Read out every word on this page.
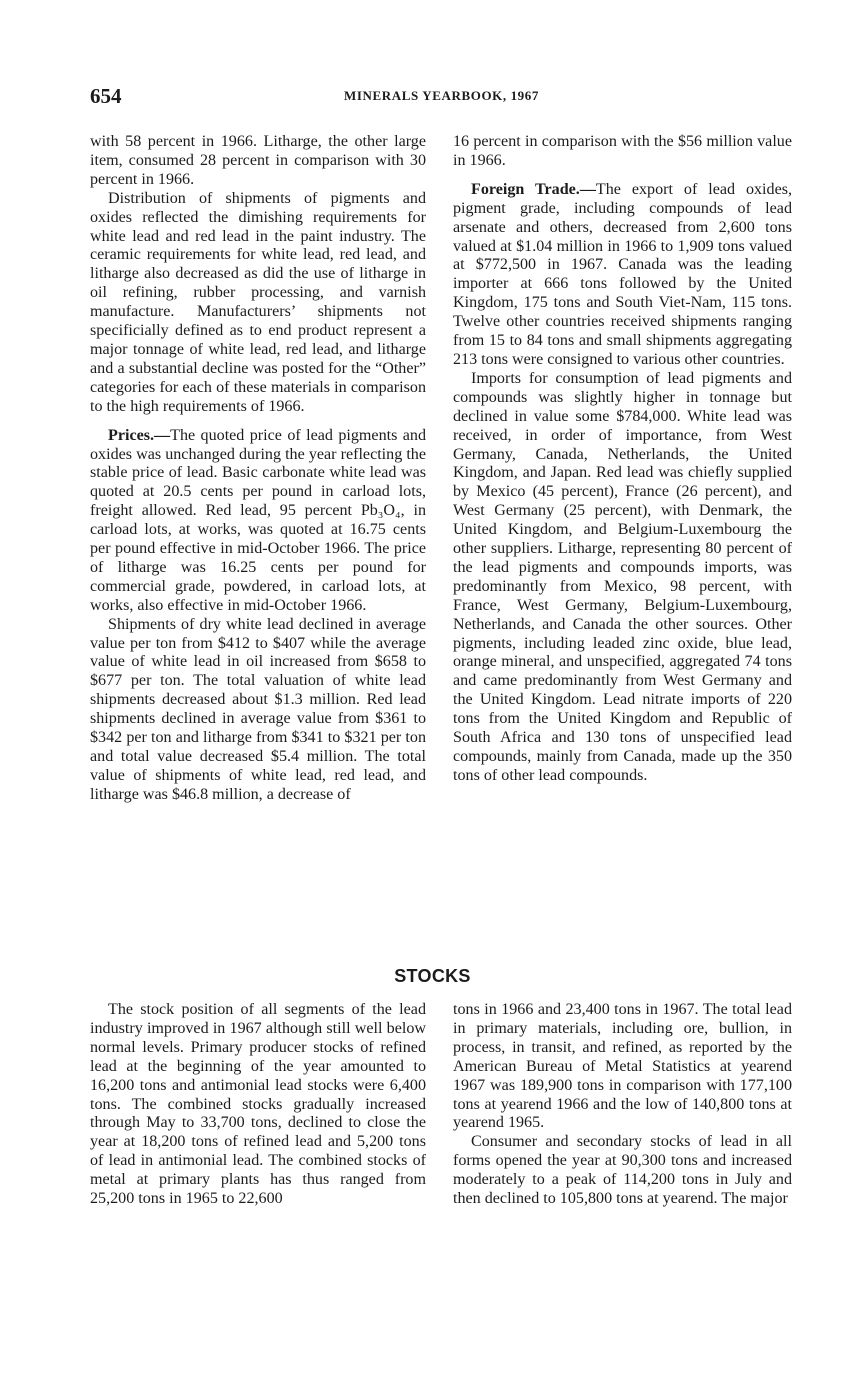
654	MINERALS YEARBOOK, 1967

with 58 percent in 1966. Litharge, the other large item, consumed 28 percent in comparison with 30 percent in 1966.

Distribution of shipments of pigments and oxides reflected the dimishing requirements for white lead and red lead in the paint industry. The ceramic requirements for white lead, red lead, and litharge also decreased as did the use of litharge in oil refining, rubber processing, and varnish manufacture. Manufacturers’ shipments not specificially defined as to end product represent a major tonnage of white lead, red lead, and litharge and a substantial decline was posted for the “Other” categories for each of these materials in comparison to the high requirements of 1966.

Prices.—The quoted price of lead pigments and oxides was unchanged during the year reflecting the stable price of lead. Basic carbonate white lead was quoted at 20.5 cents per pound in carload lots, freight allowed. Red lead, 95 percent Pb₃O₄, in carload lots, at works, was quoted at 16.75 cents per pound effective in mid-October 1966. The price of litharge was 16.25 cents per pound for commercial grade, powdered, in carload lots, at works, also effective in mid-October 1966.

Shipments of dry white lead declined in average value per ton from $412 to $407 while the average value of white lead in oil increased from $658 to $677 per ton. The total valuation of white lead shipments decreased about $1.3 million. Red lead shipments declined in average value from $361 to $342 per ton and litharge from $341 to $321 per ton and total value decreased $5.4 million. The total value of shipments of white lead, red lead, and litharge was $46.8 million, a decrease of

16 percent in comparison with the $56 million value in 1966.

Foreign Trade.—The export of lead oxides, pigment grade, including compounds of lead arsenate and others, decreased from 2,600 tons valued at $1.04 million in 1966 to 1,909 tons valued at $772,500 in 1967. Canada was the leading importer at 666 tons followed by the United Kingdom, 175 tons and South Viet-Nam, 115 tons. Twelve other countries received shipments ranging from 15 to 84 tons and small shipments aggregating 213 tons were consigned to various other countries.

Imports for consumption of lead pigments and compounds was slightly higher in tonnage but declined in value some $784,000. White lead was received, in order of importance, from West Germany, Canada, Netherlands, the United Kingdom, and Japan. Red lead was chiefly supplied by Mexico (45 percent), France (26 percent), and West Germany (25 percent), with Denmark, the United Kingdom, and Belgium-Luxembourg the other suppliers. Litharge, representing 80 percent of the lead pigments and compounds imports, was predominantly from Mexico, 98 percent, with France, West Germany, Belgium-Luxembourg, Netherlands, and Canada the other sources. Other pigments, including leaded zinc oxide, blue lead, orange mineral, and unspecified, aggregated 74 tons and came predominantly from West Germany and the United Kingdom. Lead nitrate imports of 220 tons from the United Kingdom and Republic of South Africa and 130 tons of unspecified lead compounds, mainly from Canada, made up the 350 tons of other lead compounds.

STOCKS

The stock position of all segments of the lead industry improved in 1967 although still well below normal levels. Primary producer stocks of refined lead at the beginning of the year amounted to 16,200 tons and antimonial lead stocks were 6,400 tons. The combined stocks gradually increased through May to 33,700 tons, declined to close the year at 18,200 tons of refined lead and 5,200 tons of lead in antimonial lead. The combined stocks of metal at primary plants has thus ranged from 25,200 tons in 1965 to 22,600

tons in 1966 and 23,400 tons in 1967. The total lead in primary materials, including ore, bullion, in process, in transit, and refined, as reported by the American Bureau of Metal Statistics at yearend 1967 was 189,900 tons in comparison with 177,100 tons at yearend 1966 and the low of 140,800 tons at yearend 1965.

Consumer and secondary stocks of lead in all forms opened the year at 90,300 tons and increased moderately to a peak of 114,200 tons in July and then declined to 105,800 tons at yearend. The major
